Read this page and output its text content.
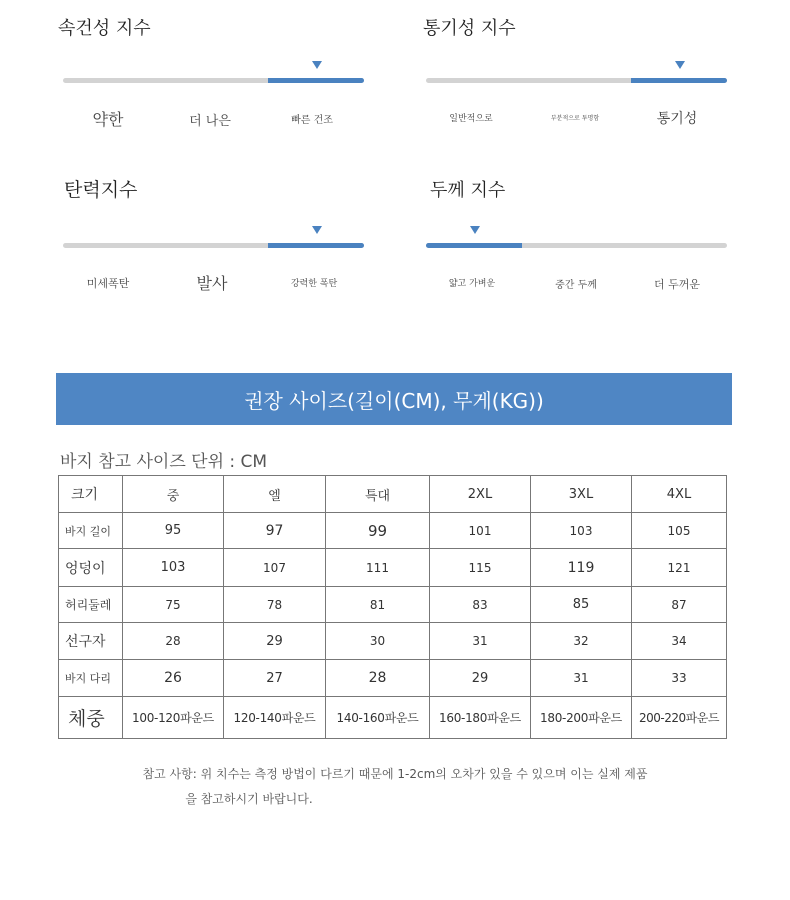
속건성 지수
약한	더 나은	빠른 건조
통기성 지수
일반적으로	부분적으로 투명함	통기성
탄력지수
미세폭탄	발사	강력한 폭탄
두께 지수
얇고 가벼운	중간 두께	더 두꺼운
권장 사이즈(길이(CM), 무게(KG))
바지 참고 사이즈 단위 : CM
크기	중	엘	특대	2XL	3XL	4XL
바지 길이	95	97	99	101	103	105
엉덩이	103	107	111	115	119	121
허리둘레	75	78	81	83	85	87
선구자	28	29	30	31	32	34
바지 다리	26	27	28	29	31	33
체중	100-120파운드	120-140파운드	140-160파운드	160-180파운드	180-200파운드	200-220파운드
참고 사항: 위 치수는 측정 방법이 다르기 때문에 1-2cm의 오차가 있을 수 있으며 이는 실제 제품
을 참고하시기 바랍니다.
